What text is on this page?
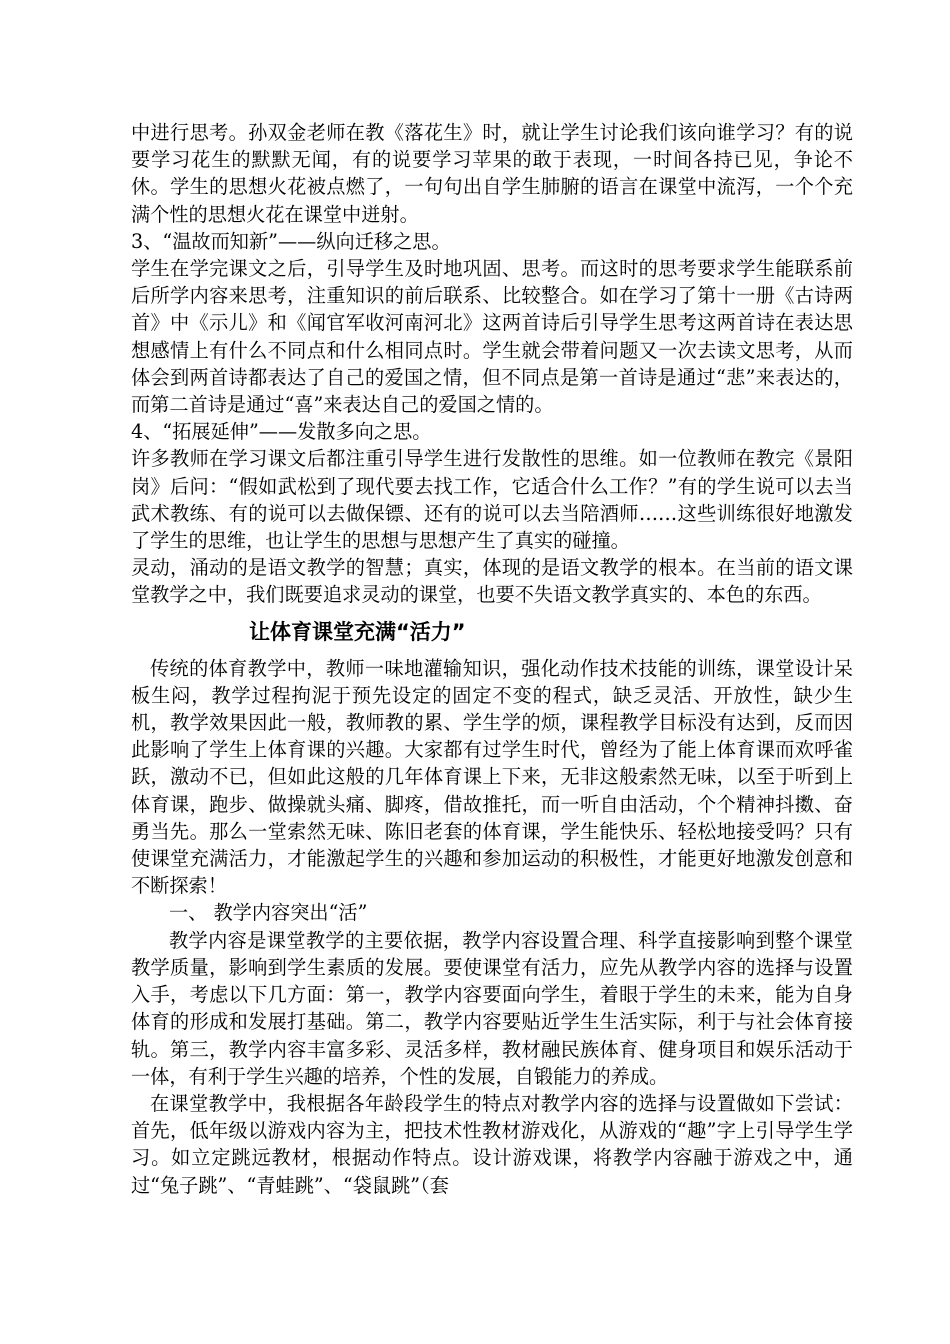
中进行思考。孙双金老师在教《落花生》时，就让学生讨论我们该向谁学习？有的说要学习花生的默默无闻，有的说要学习苹果的敢于表现，一时间各持已见，争论不休。学生的思想火花被点燃了，一句句出自学生肺腑的语言在课堂中流泻，一个个充满个性的思想火花在课堂中迸射。

3、“温故而知新”——纵向迁移之思。

学生在学完课文之后，引导学生及时地巩固、思考。而这时的思考要求学生能联系前后所学内容来思考，注重知识的前后联系、比较整合。如在学习了第十一册《古诗两首》中《示儿》和《闻官军收河南河北》这两首诗后引导学生思考这两首诗在表达思想感情上有什么不同点和什么相同点时。学生就会带着问题又一次去读文思考，从而体会到两首诗都表达了自己的爱国之情，但不同点是第一首诗是通过“悲”来表达的，而第二首诗是通过“喜”来表达自己的爱国之情的。

4、“拓展延伸”——发散多向之思。

许多教师在学习课文后都注重引导学生进行发散性的思维。如一位教师在教完《景阳岗》后问：“假如武松到了现代要去找工作，它适合什么工作？”有的学生说可以去当武术教练、有的说可以去做保镖、还有的说可以去当陪酒师……这些训练很好地激发了学生的思维，也让学生的思想与思想产生了真实的碰撞。

灵动，涌动的是语文教学的智慧；真实，体现的是语文教学的根本。在当前的语文课堂教学之中，我们既要追求灵动的课堂，也要不失语文教学真实的、本色的东西。

让体育课堂充满“活力”

传统的体育教学中，教师一味地灌输知识，强化动作技术技能的训练，课堂设计呆板生闷，教学过程拘泥于预先设定的固定不变的程式，缺乏灵活、开放性，缺少生机，教学效果因此一般，教师教的累、学生学的烦，课程教学目标没有达到，反而因此影响了学生上体育课的兴趣。大家都有过学生时代，曾经为了能上体育课而欢呼雀跃，激动不已，但如此这般的几年体育课上下来，无非这般索然无味，以至于听到上体育课，跑步、做操就头痛、脚疼，借故推托，而一听自由活动，个个精神抖擞、奋勇当先。那么一堂索然无味、陈旧老套的体育课，学生能快乐、轻松地接受吗？只有使课堂充满活力，才能激起学生的兴趣和参加运动的积极性，才能更好地激发创意和不断探索！

一、 教学内容突出“活”

教学内容是课堂教学的主要依据，教学内容设置合理、科学直接影响到整个课堂教学质量，影响到学生素质的发展。要使课堂有活力，应先从教学内容的选择与设置入手，考虑以下几方面：第一，教学内容要面向学生，着眼于学生的未来，能为自身体育的形成和发展打基础。第二，教学内容要贴近学生生活实际，利于与社会体育接轨。第三，教学内容丰富多彩、灵活多样，教材融民族体育、健身项目和娱乐活动于一体，有利于学生兴趣的培养，个性的发展，自锻能力的养成。

在课堂教学中，我根据各年龄段学生的特点对教学内容的选择与设置做如下尝试：首先，低年级以游戏内容为主，把技术性教材游戏化，从游戏的“趣”字上引导学生学习。如立定跳远教材，根据动作特点。设计游戏课，将教学内容融于游戏之中，通过“兔子跳”、“青蛙跳”、“袋鼠跳”（套
